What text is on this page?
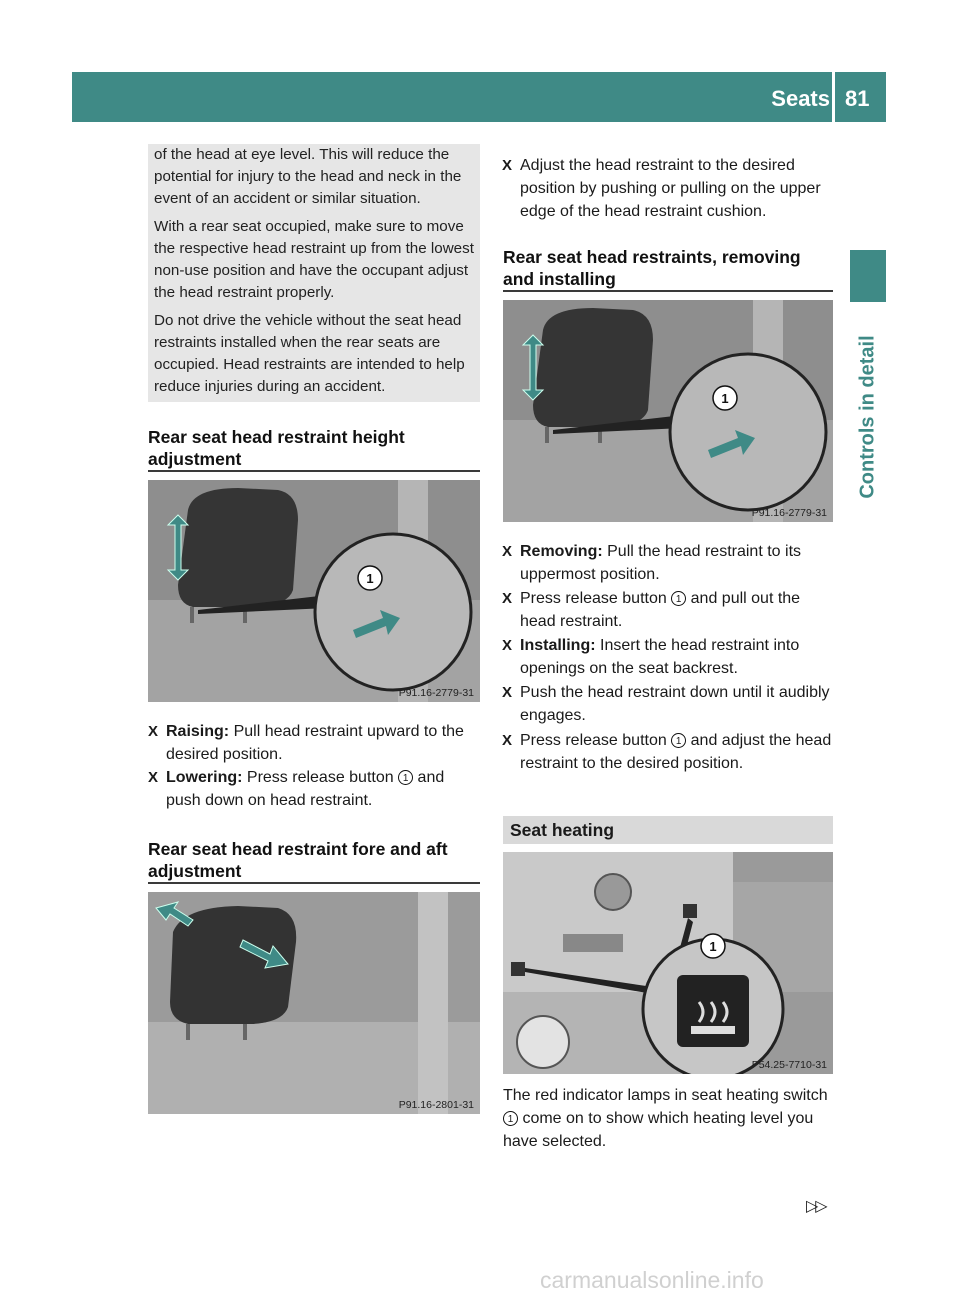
Seats 81
Controls in detail

of the head at eye level. This will reduce the potential for injury to the head and neck in the event of an accident or similar situation.

With a rear seat occupied, make sure to move the respective head restraint up from the lowest non-use position and have the occupant adjust the head restraint properly.

Do not drive the vehicle without the seat head restraints installed when the rear seats are occupied. Head restraints are intended to help reduce injuries during an accident.

Rear seat head restraint height adjustment
1
P91.16-2779-31
X Raising: Pull head restraint upward to the desired position.
X Lowering: Press release button 1 and push down on head restraint.
Rear seat head restraint fore and aft adjustment
P91.16-2801-31
X Adjust the head restraint to the desired position by pushing or pulling on the upper edge of the head restraint cushion.
Rear seat head restraints, removing and installing
1
P91.16-2779-31
X Removing: Pull the head restraint to its uppermost position.
X Press release button 1 and pull out the head restraint.
X Installing: Insert the head restraint into openings on the seat backrest.
X Push the head restraint down until it audibly engages.
X Press release button 1 and adjust the head restraint to the desired position.
Seat heating
1
P54.25-7710-31
The red indicator lamps in seat heating switch 1 come on to show which heating level you have selected.
▷▷
carmanualsonline.info
